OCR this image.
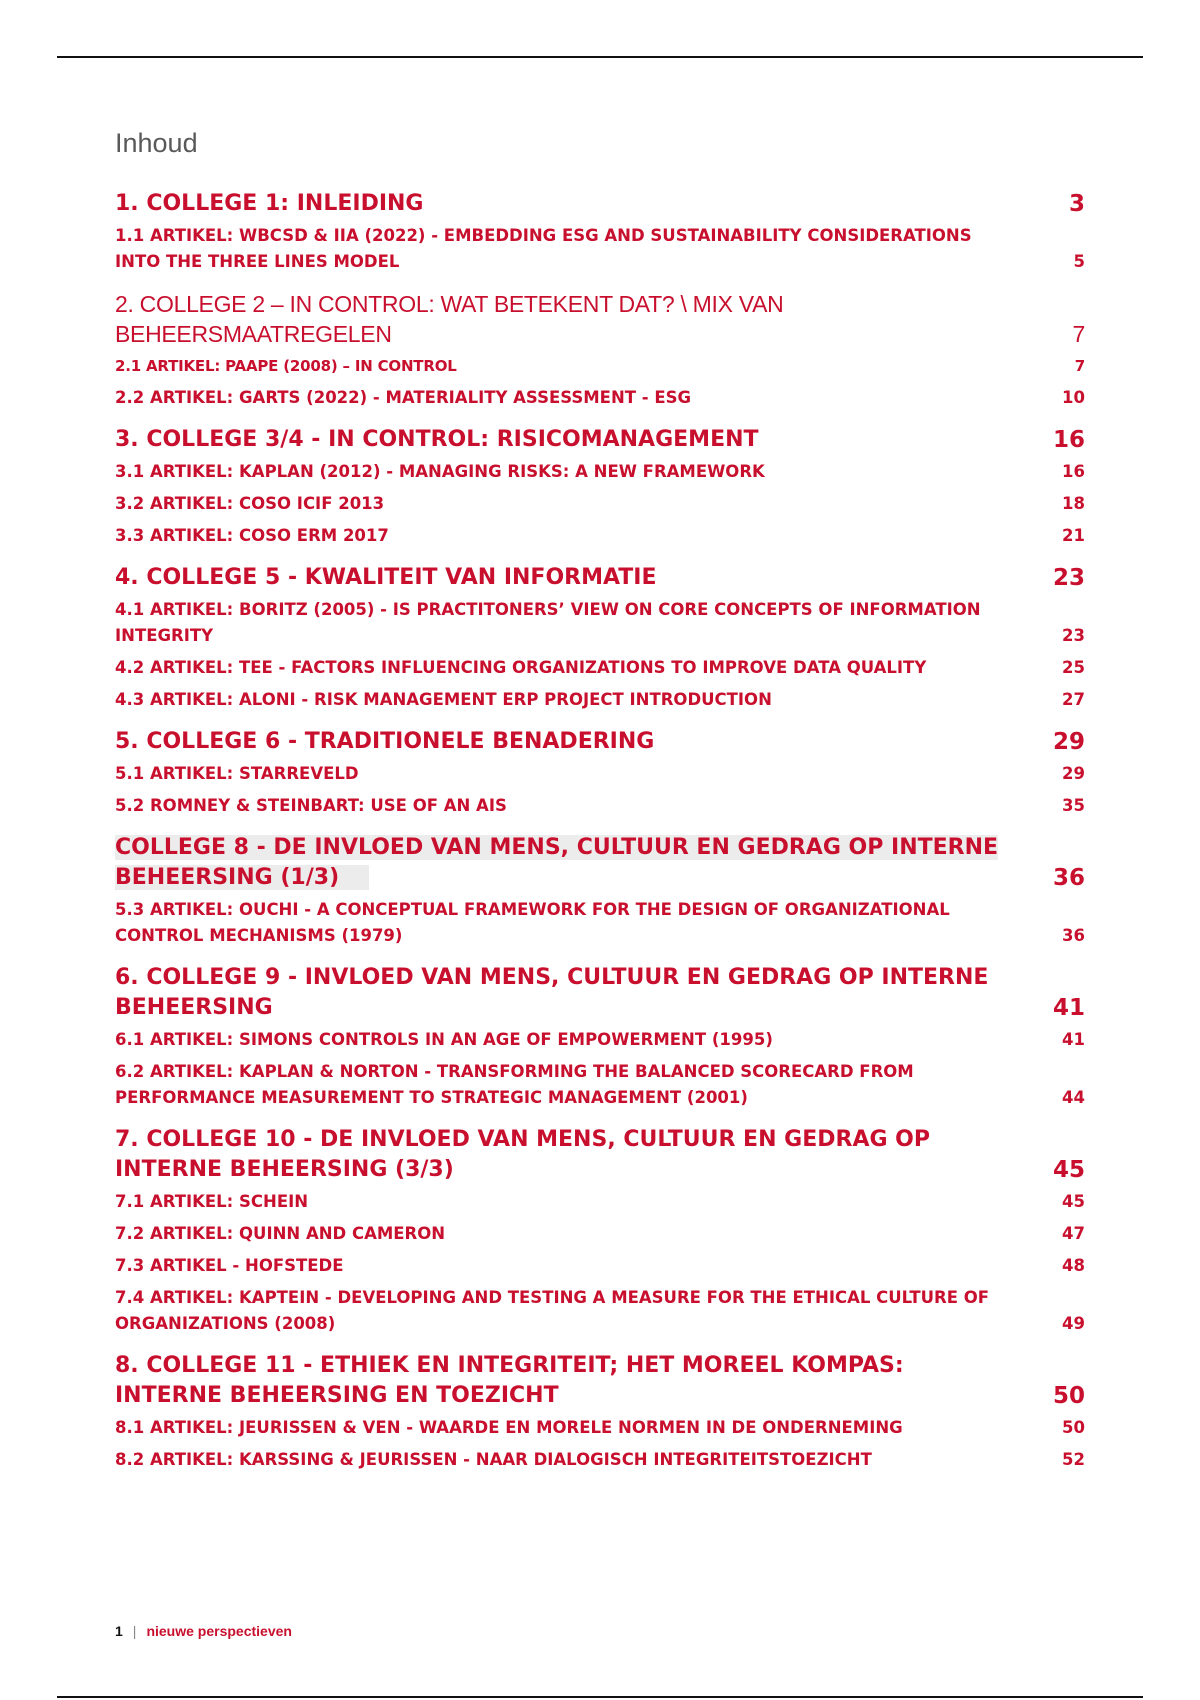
Inhoud
1. COLLEGE 1: INLEIDING	3
1.1 ARTIKEL: WBCSD & IIA (2022) - EMBEDDING ESG AND SUSTAINABILITY CONSIDERATIONS INTO THE THREE LINES MODEL	5
2. COLLEGE 2 – IN CONTROL: WAT BETEKENT DAT? \ MIX VAN BEHEERSMAATREGELEN	7
2.1 ARTIKEL: PAAPE (2008) – IN CONTROL	7
2.2 ARTIKEL: GARTS (2022) - MATERIALITY ASSESSMENT - ESG	10
3. COLLEGE 3/4 - IN CONTROL: RISICOMANAGEMENT	16
3.1 ARTIKEL: KAPLAN (2012) - MANAGING RISKS: A NEW FRAMEWORK	16
3.2 ARTIKEL: COSO ICIF 2013	18
3.3 ARTIKEL: COSO ERM 2017	21
4. COLLEGE 5 - KWALITEIT VAN INFORMATIE	23
4.1 ARTIKEL: BORITZ (2005) - IS PRACTITONERS’ VIEW ON CORE CONCEPTS OF INFORMATION INTEGRITY	23
4.2 ARTIKEL: TEE - FACTORS INFLUENCING ORGANIZATIONS TO IMPROVE DATA QUALITY	25
4.3 ARTIKEL: ALONI - RISK MANAGEMENT ERP PROJECT INTRODUCTION	27
5. COLLEGE 6 - TRADITIONELE BENADERING	29
5.1 ARTIKEL: STARREVELD	29
5.2 ROMNEY & STEINBART: USE OF AN AIS	35
COLLEGE 8 - DE INVLOED VAN MENS, CULTUUR EN GEDRAG OP INTERNE BEHEERSING (1/3)	36
5.3 ARTIKEL: OUCHI - A CONCEPTUAL FRAMEWORK FOR THE DESIGN OF ORGANIZATIONAL CONTROL MECHANISMS (1979)	36
6. COLLEGE 9 - INVLOED VAN MENS, CULTUUR EN GEDRAG OP INTERNE BEHEERSING	41
6.1 ARTIKEL: SIMONS CONTROLS IN AN AGE OF EMPOWERMENT (1995)	41
6.2 ARTIKEL: KAPLAN & NORTON - TRANSFORMING THE BALANCED SCORECARD FROM PERFORMANCE MEASUREMENT TO STRATEGIC MANAGEMENT (2001)	44
7. COLLEGE 10 - DE INVLOED VAN MENS, CULTUUR EN GEDRAG OP INTERNE BEHEERSING (3/3)	45
7.1 ARTIKEL: SCHEIN	45
7.2 ARTIKEL: QUINN AND CAMERON	47
7.3 ARTIKEL - HOFSTEDE	48
7.4 ARTIKEL: KAPTEIN - DEVELOPING AND TESTING A MEASURE FOR THE ETHICAL CULTURE OF ORGANIZATIONS (2008)	49
8. COLLEGE 11 - ETHIEK EN INTEGRITEIT; HET MOREEL KOMPAS: INTERNE BEHEERSING EN TOEZICHT	50
8.1 ARTIKEL: JEURISSEN & VEN - WAARDE EN MORELE NORMEN IN DE ONDERNEMING	50
8.2 ARTIKEL: KARSSING & JEURISSEN - NAAR DIALOGISCH INTEGRITEITSTOEZICHT	52
1 | nieuwe perspectieven
